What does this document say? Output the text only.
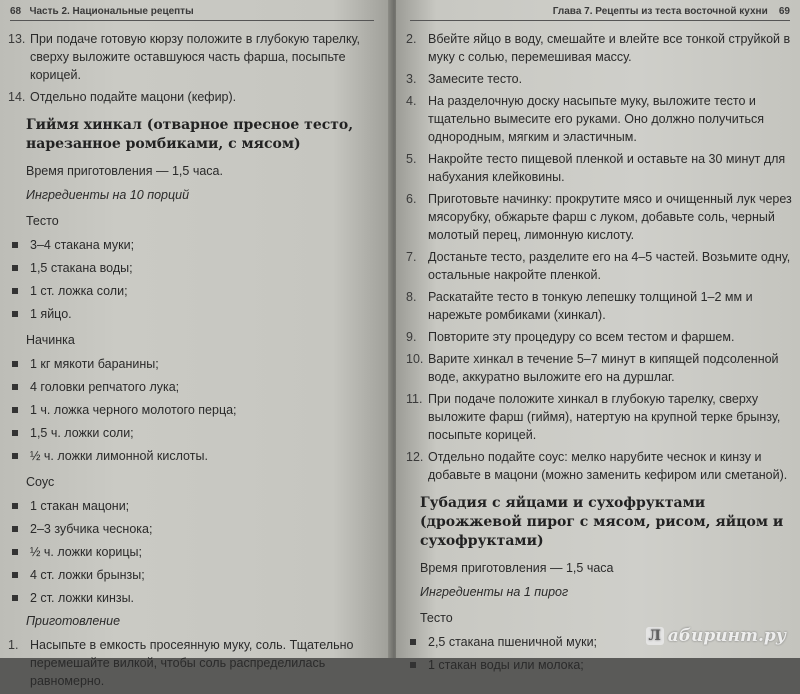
68 Часть 2. Национальные рецепты
13. При подаче готовую кюрзу положите в глубокую тарелку, сверху выложите оставшуюся часть фарша, посыпьте корицей.
14. Отдельно подайте мацони (кефир).
Гиймя хинкал (отварное пресное тесто, нарезанное ромбиками, с мясом)
Время приготовления — 1,5 часа.
Ингредиенты на 10 порций
Тесто
3–4 стакана муки;
1,5 стакана воды;
1 ст. ложка соли;
1 яйцо.
Начинка
1 кг мякоти баранины;
4 головки репчатого лука;
1 ч. ложка черного молотого перца;
1,5 ч. ложки соли;
½ ч. ложки лимонной кислоты.
Соус
1 стакан мацони;
2–3 зубчика чеснока;
½ ч. ложки корицы;
4 ст. ложки брынзы;
2 ст. ложки кинзы.
Приготовление
1. Насыпьте в емкость просеянную муку, соль. Тщательно перемешайте вилкой, чтобы соль распределилась равномерно.
Глава 7. Рецепты из теста восточной кухни 69
2. Вбейте яйцо в воду, смешайте и влейте все тонкой струйкой в муку с солью, перемешивая массу.
3. Замесите тесто.
4. На разделочную доску насыпьте муку, выложите тесто и тщательно вымесите его руками. Оно должно получиться однородным, мягким и эластичным.
5. Накройте тесто пищевой пленкой и оставьте на 30 минут для набухания клейковины.
6. Приготовьте начинку: прокрутите мясо и очищенный лук через мясорубку, обжарьте фарш с луком, добавьте соль, черный молотый перец, лимонную кислоту.
7. Достаньте тесто, разделите его на 4–5 частей. Возьмите одну, остальные накройте пленкой.
8. Раскатайте тесто в тонкую лепешку толщиной 1–2 мм и нарежьте ромбиками (хинкал).
9. Повторите эту процедуру со всем тестом и фаршем.
10. Варите хинкал в течение 5–7 минут в кипящей подсоленной воде, аккуратно выложите его на дуршлаг.
11. При подаче положите хинкал в глубокую тарелку, сверху выложите фарш (гиймя), натертую на крупной терке брынзу, посыпьте корицей.
12. Отдельно подайте соус: мелко нарубите чеснок и кинзу и добавьте в мацони (можно заменить кефиром или сметаной).
Губадия с яйцами и сухофруктами (дрожжевой пирог с мясом, рисом, яйцом и сухофруктами)
Время приготовления — 1,5 часа
Ингредиенты на 1 пирог
Тесто
2,5 стакана пшеничной муки;
1 стакан воды или молока;
Л абиринт.ру
